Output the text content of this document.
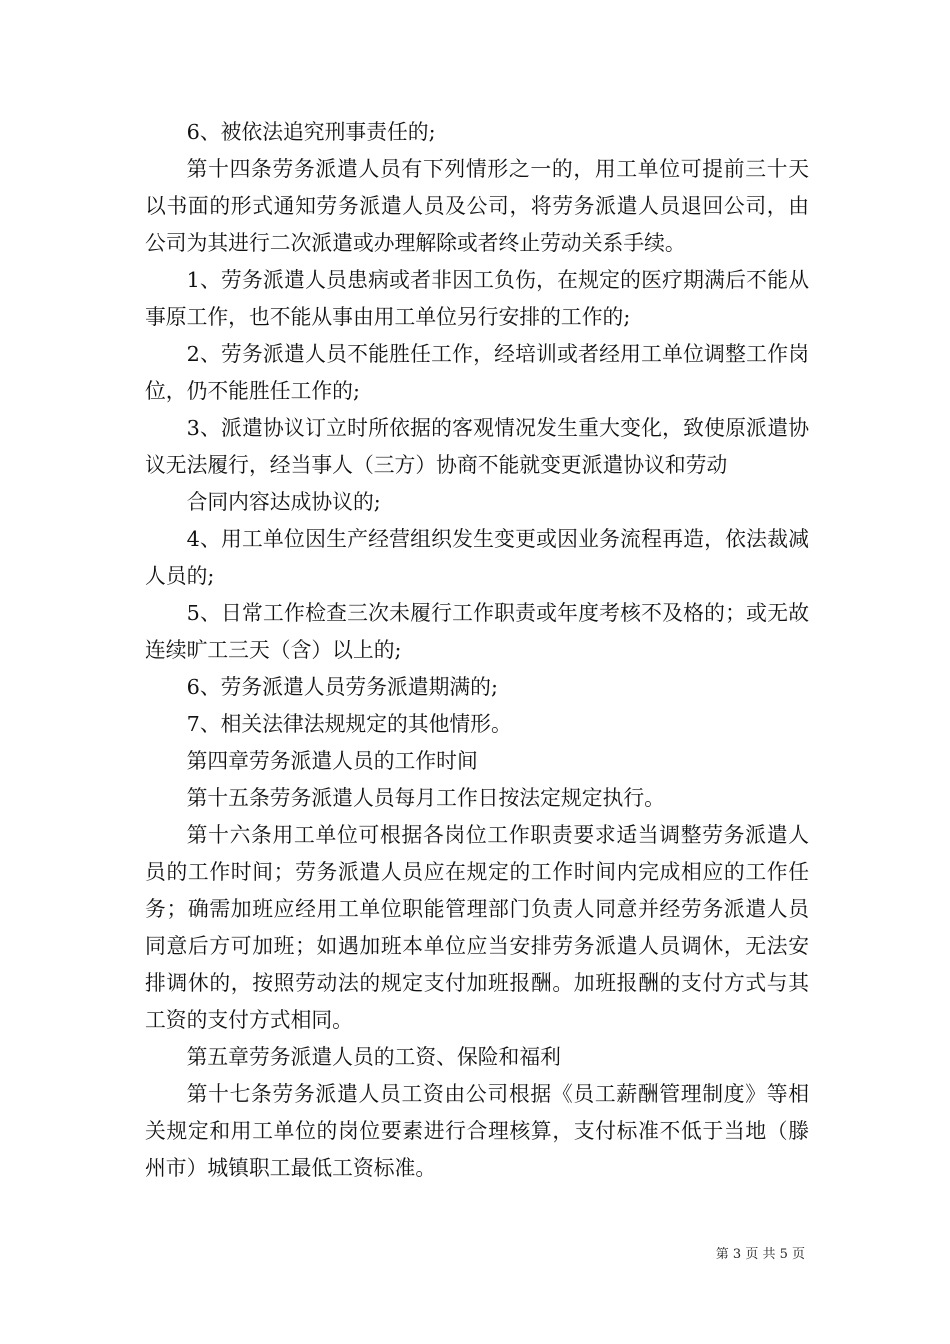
6、被依法追究刑事责任的;

第十四条劳务派遣人员有下列情形之一的，用工单位可提前三十天以书面的形式通知劳务派遣人员及公司，将劳务派遣人员退回公司，由公司为其进行二次派遣或办理解除或者终止劳动关系手续。

1、劳务派遣人员患病或者非因工负伤，在规定的医疗期满后不能从事原工作，也不能从事由用工单位另行安排的工作的;

2、劳务派遣人员不能胜任工作，经培训或者经用工单位调整工作岗位，仍不能胜任工作的;

3、派遣协议订立时所依据的客观情况发生重大变化，致使原派遣协议无法履行，经当事人（三方）协商不能就变更派遣协议和劳动

合同内容达成协议的;

4、用工单位因生产经营组织发生变更或因业务流程再造，依法裁减人员的;

5、日常工作检查三次未履行工作职责或年度考核不及格的；或无故连续旷工三天（含）以上的;

6、劳务派遣人员劳务派遣期满的;

7、相关法律法规规定的其他情形。

第四章劳务派遣人员的工作时间

第十五条劳务派遣人员每月工作日按法定规定执行。

第十六条用工单位可根据各岗位工作职责要求适当调整劳务派遣人员的工作时间；劳务派遣人员应在规定的工作时间内完成相应的工作任务；确需加班应经用工单位职能管理部门负责人同意并经劳务派遣人员同意后方可加班；如遇加班本单位应当安排劳务派遣人员调休，无法安排调休的，按照劳动法的规定支付加班报酬。加班报酬的支付方式与其工资的支付方式相同。

第五章劳务派遣人员的工资、保险和福利

第十七条劳务派遣人员工资由公司根据《员工薪酬管理制度》等相关规定和用工单位的岗位要素进行合理核算，支付标准不低于当地（滕州市）城镇职工最低工资标准。

第 3 页 共 5 页
